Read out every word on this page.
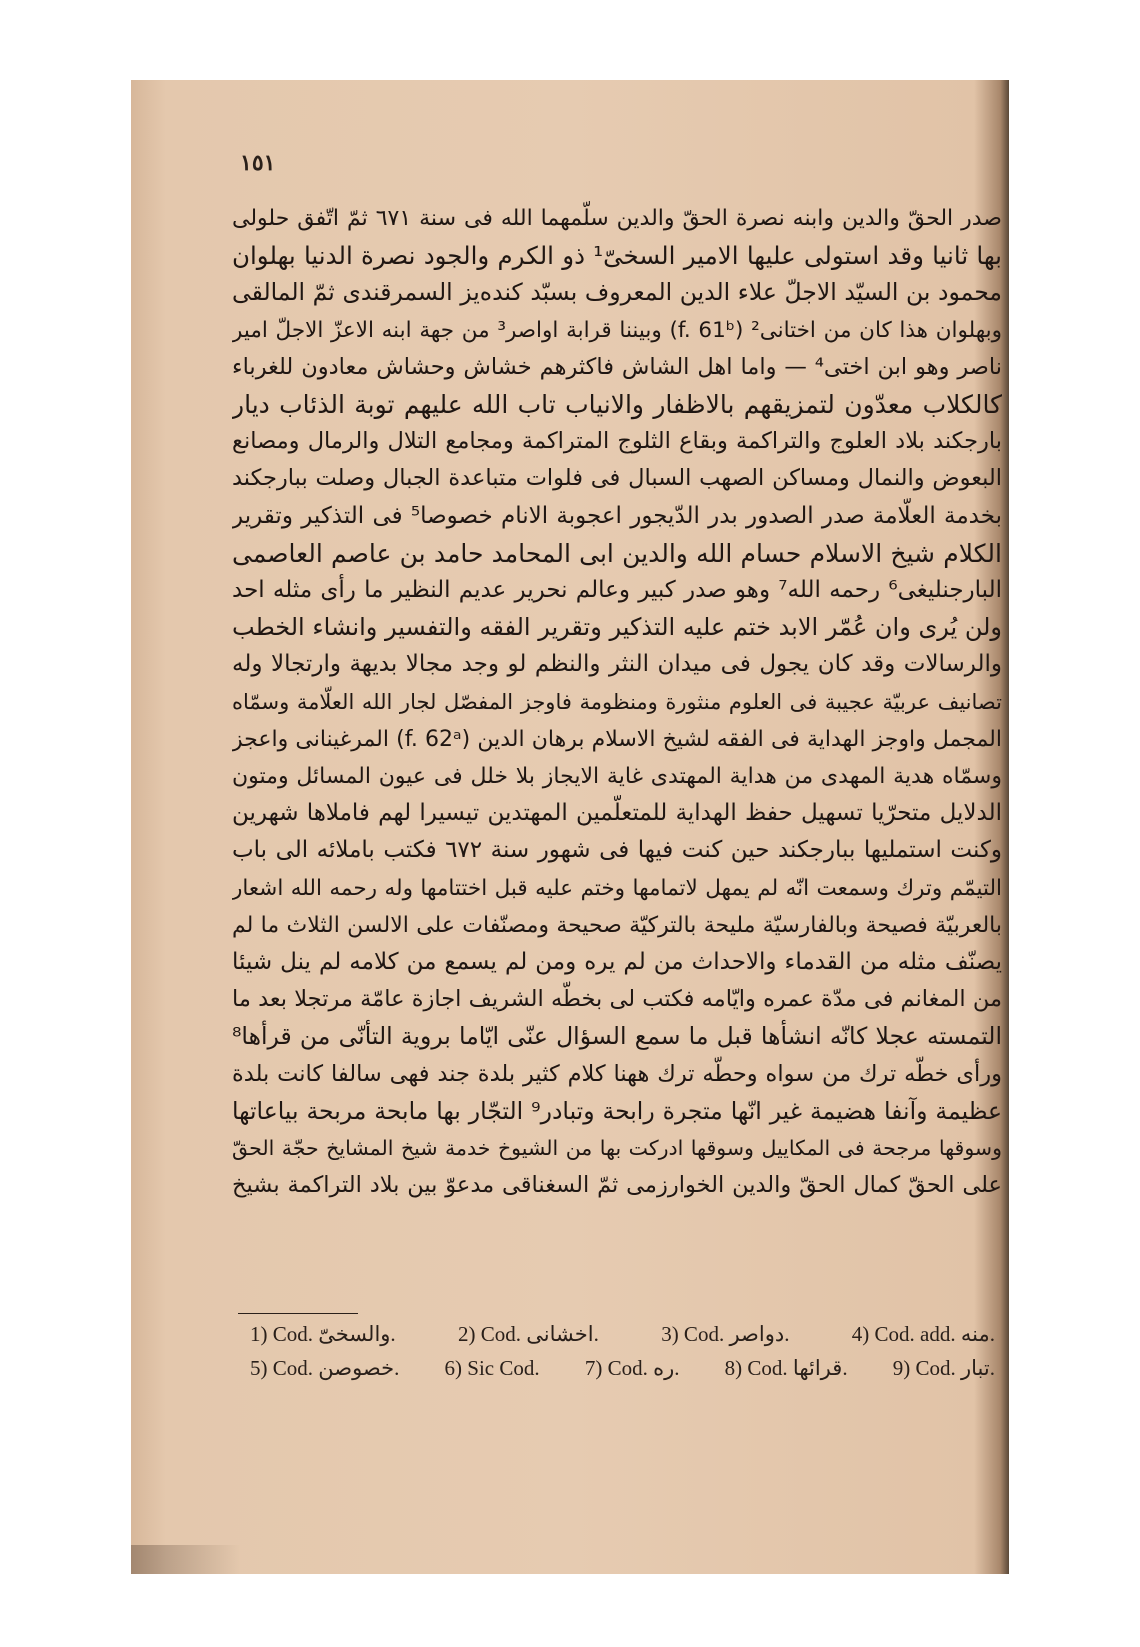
١٥١

صدر الحقّ والدين وابنه نصرة الحقّ والدين سلّمهما الله فى سنة ٦٧١ ثمّ اتّفق حلولى
بها ثانيا وقد استولى عليها الامير السخىّ¹ ذو الكرم والجود نصرة الدنيا بهلوان
محمود بن السيّد الاجلّ علاء الدين المعروف بسبّد كنده‌يز السمرقندى ثمّ المالقى
وبهلوان هذا كان من اختانى² (f. 61ᵇ) وبيننا قرابة اواصر³ من جهة ابنه الاعزّ الاجلّ امير
ناصر وهو ابن اختى⁴ — واما اهل الشاش فاكثرهم خشاش وحشاش معادون للغرباء
كالكلاب معدّون لتمزيقهم بالاظفار والانياب تاب الله عليهم توبة الذئاب ديار
بارجكند بلاد العلوج والتراكمة وبقاع الثلوج المتراكمة ومجامع التلال والرمال ومصانع
البعوض والنمال ومساكن الصهب السبال فى فلوات متباعدة الجبال وصلت ببارجكند
بخدمة العلّامة صدر الصدور بدر الدّيجور اعجوبة الانام خصوصا⁵ فى التذكير وتقرير
الكلام شيخ الاسلام حسام الله والدين ابى المحامد حامد بن عاصم العاصمى
البارجنليغى⁶ رحمه الله⁷ وهو صدر كبير وعالم نحرير عديم النظير ما رأى مثله احد
ولن يُرى وان عُمّر الابد ختم عليه التذكير وتقرير الفقه والتفسير وانشاء الخطب
والرسالات وقد كان يجول فى ميدان النثر والنظم لو وجد مجالا بديهة وارتجالا وله
تصانيف عربيّة عجيبة فى العلوم منثورة ومنظومة فاوجز المفصّل لجار الله العلّامة وسمّاه
المجمل واوجز الهداية فى الفقه لشيخ الاسلام برهان الدين (f. 62ᵃ) المرغينانى واعجز
وسمّاه هدية المهدى من هداية المهتدى غاية الايجاز بلا خلل فى عيون المسائل ومتون
الدلايل متحرّيا تسهيل حفظ الهداية للمتعلّمين المهتدين تيسيرا لهم فاملاها شهرين
وكنت استمليها ببارجكند حين كنت فيها فى شهور سنة ٦٧٢ فكتب باملائه الى باب
التيمّم وترك وسمعت انّه لم يمهل لاتمامها وختم عليه قبل اختتامها وله رحمه الله اشعار
بالعربيّة فصيحة وبالفارسيّة مليحة بالتركيّة صحيحة ومصنّفات على الالسن الثلاث ما لم
يصنّف مثله من القدماء والاحداث من لم يره ومن لم يسمع من كلامه لم ينل شيئا
من المغانم فى مدّة عمره وايّامه فكتب لى بخطّه الشريف اجازة عامّة مرتجلا بعد ما
التمسته عجلا كانّه انشأها قبل ما سمع السؤال عنّى ايّاما بروية التأنّى من قرأها⁸
ورأى خطّه ترك من سواه وحطّه ترك ههنا كلام كثير بلدة جند فهى سالفا كانت بلدة
عظيمة وآنفا هضيمة غير انّها متجرة رابحة وتبادر⁹ التجّار بها مابحة مربحة بياعاتها
وسوقها مرجحة فى المكاييل وسوقها ادركت بها من الشيوخ خدمة شيخ المشايخ حجّة الحقّ
على الحقّ كمال الحقّ والدين الخوارزمى ثمّ السغناقى مدعوّ بين بلاد التراكمة بشيخ
1) Cod. والسخىّ.	2) Cod. اخشانى.	3) Cod. دواصر.	4) Cod. add. منه.
5) Cod. خصوصن. 6) Sic Cod. 7) Cod. ره. 8) Cod. قرائها. 9) Cod. تبار.
